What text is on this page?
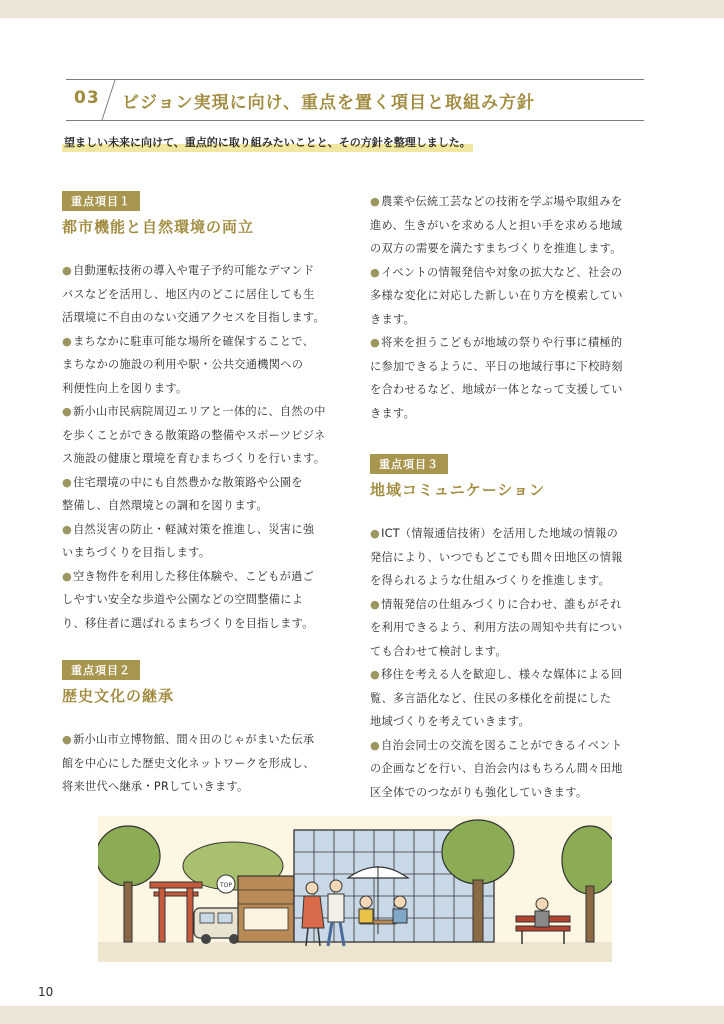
03 ビジョン実現に向け、重点を置く項目と取組み方針
望ましい未来に向けて、重点的に取り組みたいことと、その方針を整理しました。
重点項目１
都市機能と自然環境の両立
●自動運転技術の導入や電子予約可能なデマンド
バスなどを活用し、地区内のどこに居住しても生
活環境に不自由のない交通アクセスを目指します。
●まちなかに駐車可能な場所を確保することで、
まちなかの施設の利用や駅・公共交通機関への
利便性向上を図ります。
●新小山市民病院周辺エリアと一体的に、自然の中
を歩くことができる散策路の整備やスポーツビジネ
ス施設の健康と環境を育むまちづくりを行います。
●住宅環境の中にも自然豊かな散策路や公園を
整備し、自然環境との調和を図ります。
●自然災害の防止・軽減対策を推進し、災害に強
いまちづくりを目指します。
●空き物件を利用した移住体験や、こどもが過ご
しやすい安全な歩道や公園などの空間整備によ
り、移住者に選ばれるまちづくりを目指します。
重点項目２
歴史文化の継承
●新小山市立博物館、間々田のじゃがまいた伝承
館を中心にした歴史文化ネットワークを形成し、
将来世代へ継承・PRしていきます。
●農業や伝統工芸などの技術を学ぶ場や取組みを
進め、生きがいを求める人と担い手を求める地域
の双方の需要を満たすまちづくりを推進します。
●イベントの情報発信や対象の拡大など、社会の
多様な変化に対応した新しい在り方を模索してい
きます。
●将来を担うこどもが地域の祭りや行事に積極的
に参加できるように、平日の地域行事に下校時刻
を合わせるなど、地域が一体となって支援してい
きます。
重点項目３
地域コミュニケーション
●ICT（情報通信技術）を活用した地域の情報の
発信により、いつでもどこでも間々田地区の情報
を得られるような仕組みづくりを推進します。
●情報発信の仕組みづくりに合わせ、誰もがそれ
を利用できるよう、利用方法の周知や共有につい
ても合わせて検討します。
●移住を考える人を歓迎し、様々な媒体による回
覧、多言語化など、住民の多様化を前提にした
地域づくりを考えていきます。
●自治会同士の交流を図ることができるイベント
の企画などを行い、自治会内はもちろん間々田地
区全体でのつながりも強化していきます。
TOP
10
